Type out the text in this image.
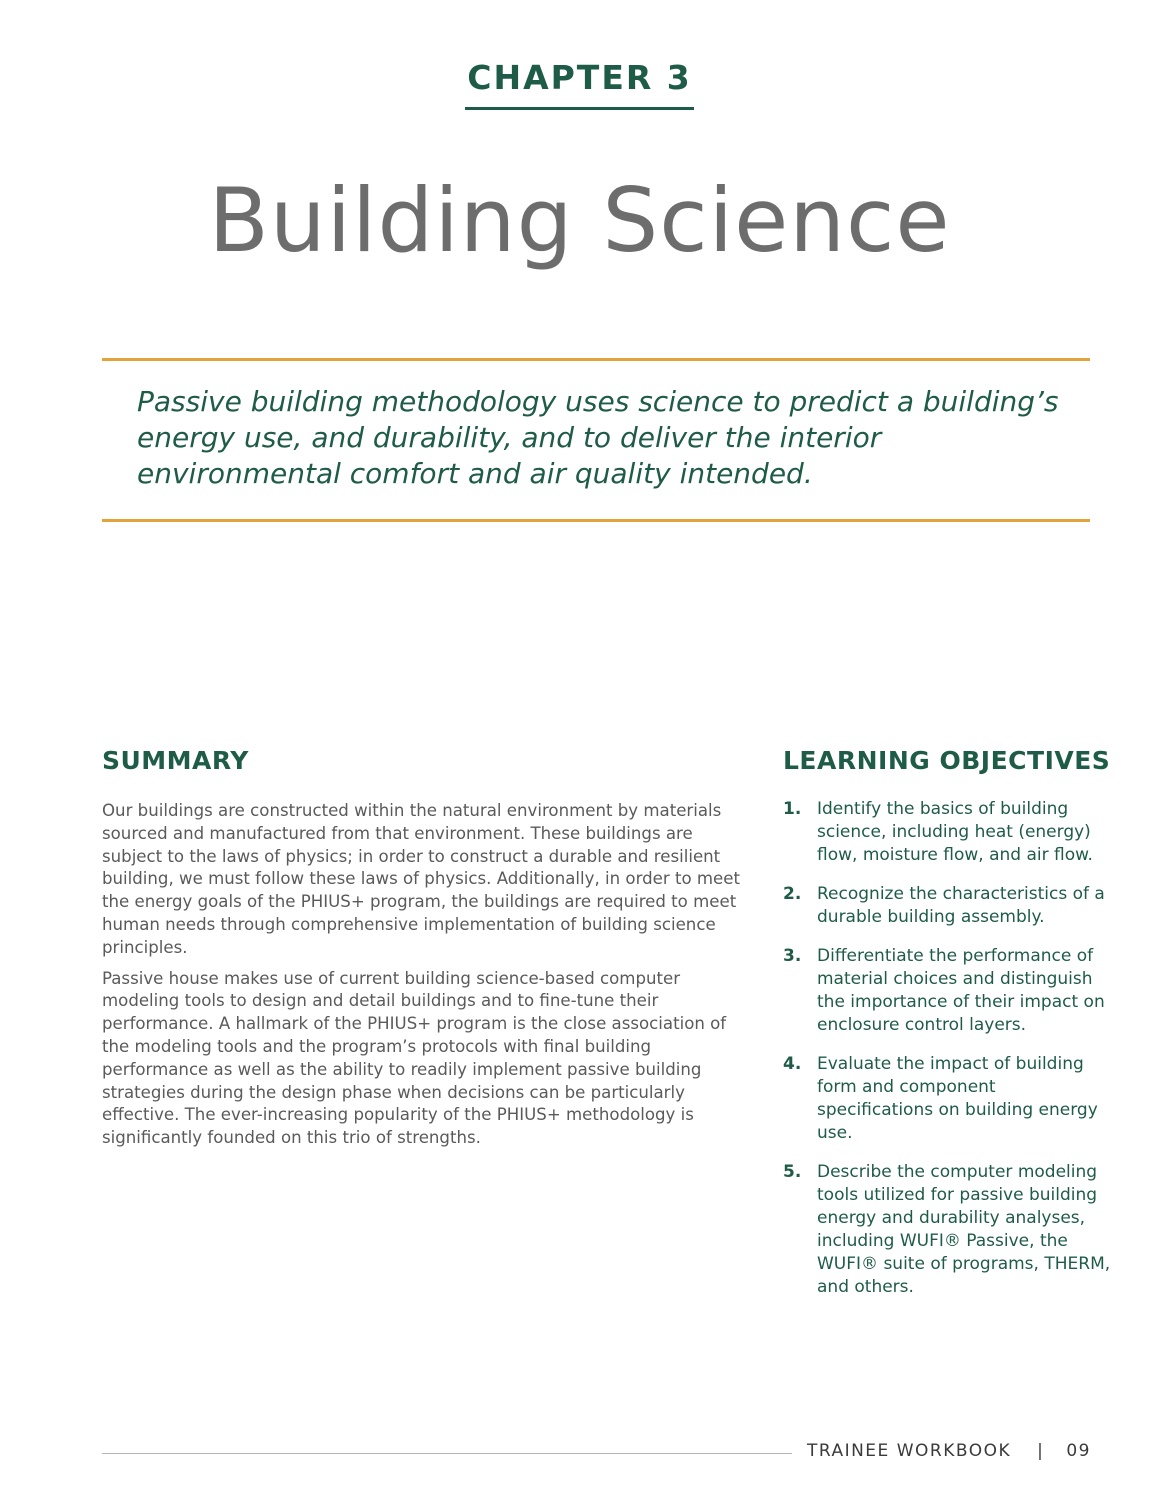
CHAPTER 3
Building Science

Passive building methodology uses science to predict a building’s energy use, and durability, and to deliver the interior environmental comfort and air quality intended.

SUMMARY

Our buildings are constructed within the natural environment by materials sourced and manufactured from that environment. These buildings are subject to the laws of physics; in order to construct a durable and resilient building, we must follow these laws of physics. Additionally, in order to meet the energy goals of the PHIUS+ program, the buildings are required to meet human needs through comprehensive implementation of building science principles.

Passive house makes use of current building science-based computer modeling tools to design and detail buildings and to fine-tune their performance. A hallmark of the PHIUS+ program is the close association of the modeling tools and the program’s protocols with final building performance as well as the ability to readily implement passive building strategies during the design phase when decisions can be particularly effective. The ever-increasing popularity of the PHIUS+ methodology is significantly founded on this trio of strengths.

LEARNING OBJECTIVES
1. Identify the basics of building science, including heat (energy) flow, moisture flow, and air flow.
2. Recognize the characteristics of a durable building assembly.
3. Differentiate the performance of material choices and distinguish the importance of their impact on enclosure control layers.
4. Evaluate the impact of building form and component specifications on building energy use.
5. Describe the computer modeling tools utilized for passive building energy and durability analyses, including WUFI® Passive, the WUFI® suite of programs, THERM, and others.
TRAINEE WORKBOOK | 09
